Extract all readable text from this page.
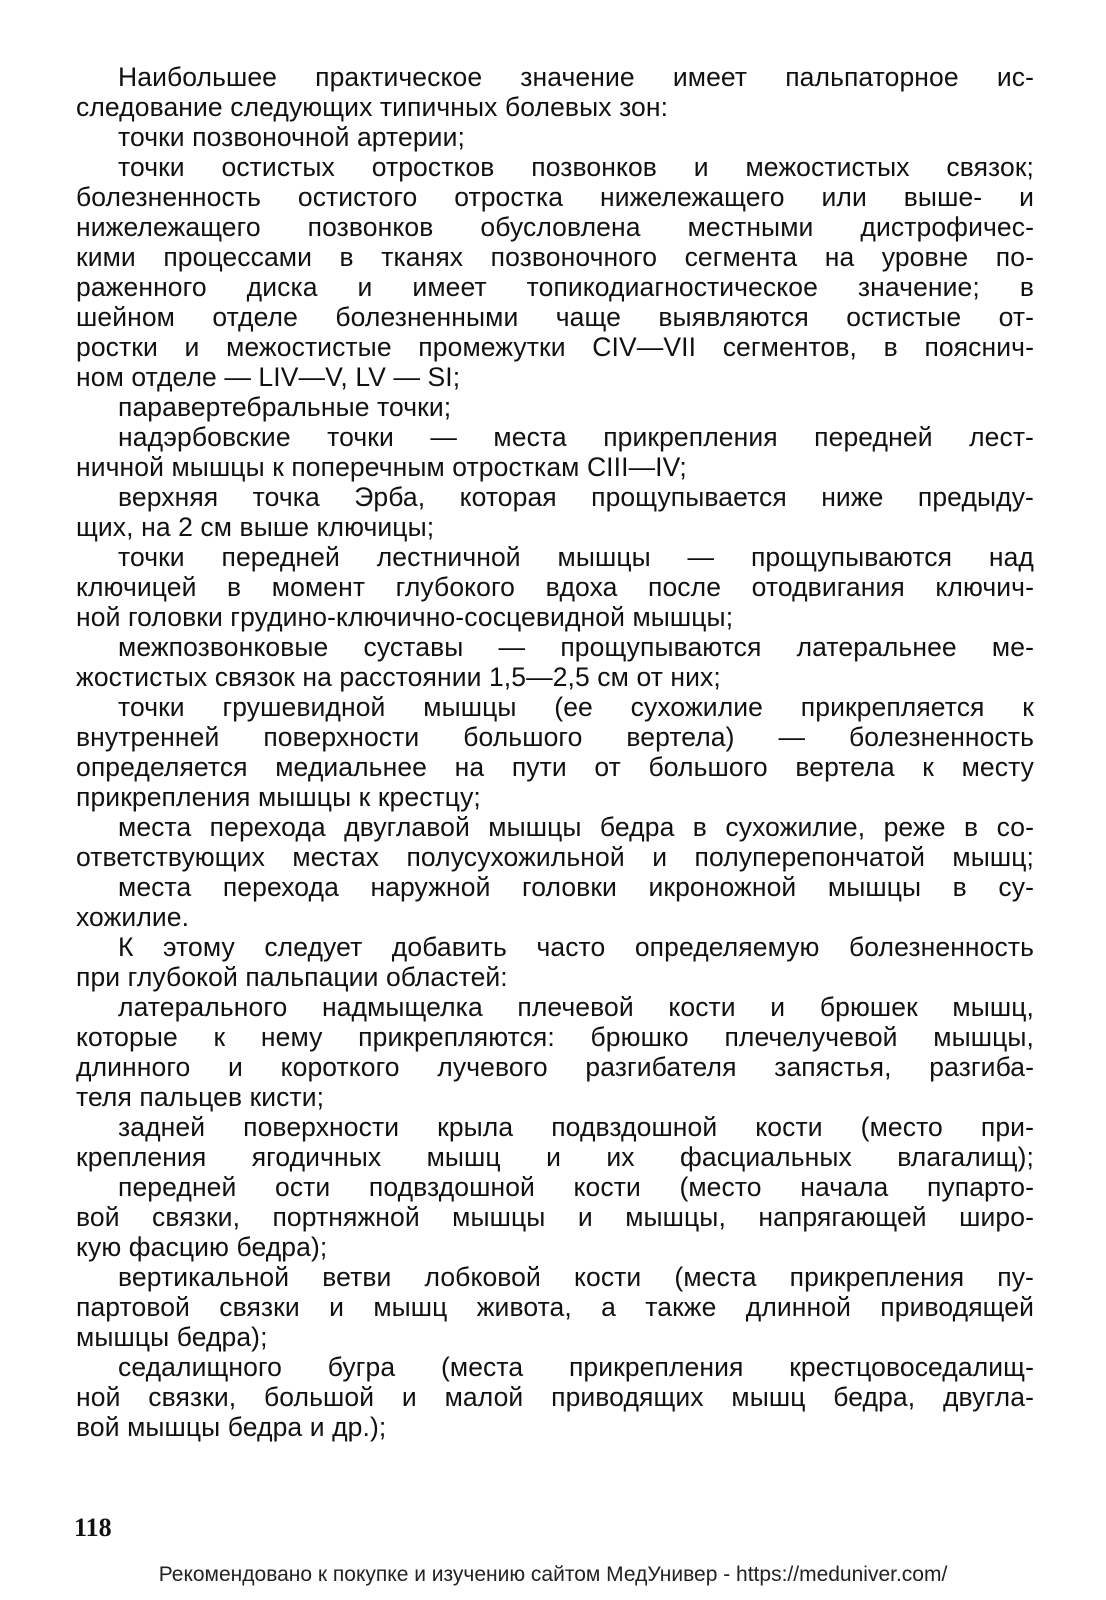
Наибольшее практическое значение имеет пальпаторное ис-
следование следующих типичных болевых зон:
точки позвоночной артерии;
точки остистых отростков позвонков и межостистых связок;
болезненность остистого отростка нижележащего или выше- и
нижележащего позвонков обусловлена местными дистрофичес-
кими процессами в тканях позвоночного сегмента на уровне по-
раженного диска и имеет топикодиагностическое значение; в
шейном отделе болезненными чаще выявляются остистые от-
ростки и межостистые промежутки CIV—VII сегментов, в пояснич-
ном отделе — LIV—V, LV — SI;
паравертебральные точки;
надэрбовские точки — места прикрепления передней лест-
ничной мышцы к поперечным отросткам CIII—IV;
верхняя точка Эрба, которая прощупывается ниже предыду-
щих, на 2 см выше ключицы;
точки передней лестничной мышцы — прощупываются над
ключицей в момент глубокого вдоха после отодвигания ключич-
ной головки грудино-ключично-сосцевидной мышцы;
межпозвонковые суставы — прощупываются латеральнее ме-
жостистых связок на расстоянии 1,5—2,5 см от них;
точки грушевидной мышцы (ее сухожилие прикрепляется к
внутренней поверхности большого вертела) — болезненность
определяется медиальнее на пути от большого вертела к месту
прикрепления мышцы к крестцу;
места перехода двуглавой мышцы бедра в сухожилие, реже в со-
ответствующих местах полусухожильной и полуперепончатой мышц;
места перехода наружной головки икроножной мышцы в су-
хожилие.
К этому следует добавить часто определяемую болезненность
при глубокой пальпации областей:
латерального надмыщелка плечевой кости и брюшек мышц,
которые к нему прикрепляются: брюшко плечелучевой мышцы,
длинного и короткого лучевого разгибателя запястья, разгиба-
теля пальцев кисти;
задней поверхности крыла подвздошной кости (место при-
крепления ягодичных мышц и их фасциальных влагалищ);
передней ости подвздошной кости (место начала пупарто-
вой связки, портняжной мышцы и мышцы, напрягающей широ-
кую фасцию бедра);
вертикальной ветви лобковой кости (места прикрепления пу-
партовой связки и мышц живота, а также длинной приводящей
мышцы бедра);
седалищного бугра (места прикрепления крестцовоседалищ-
ной связки, большой и малой приводящих мышц бедра, двугла-
вой мышцы бедра и др.);
118
Рекомендовано к покупке и изучению сайтом МедУнивер - https://meduniver.com/
